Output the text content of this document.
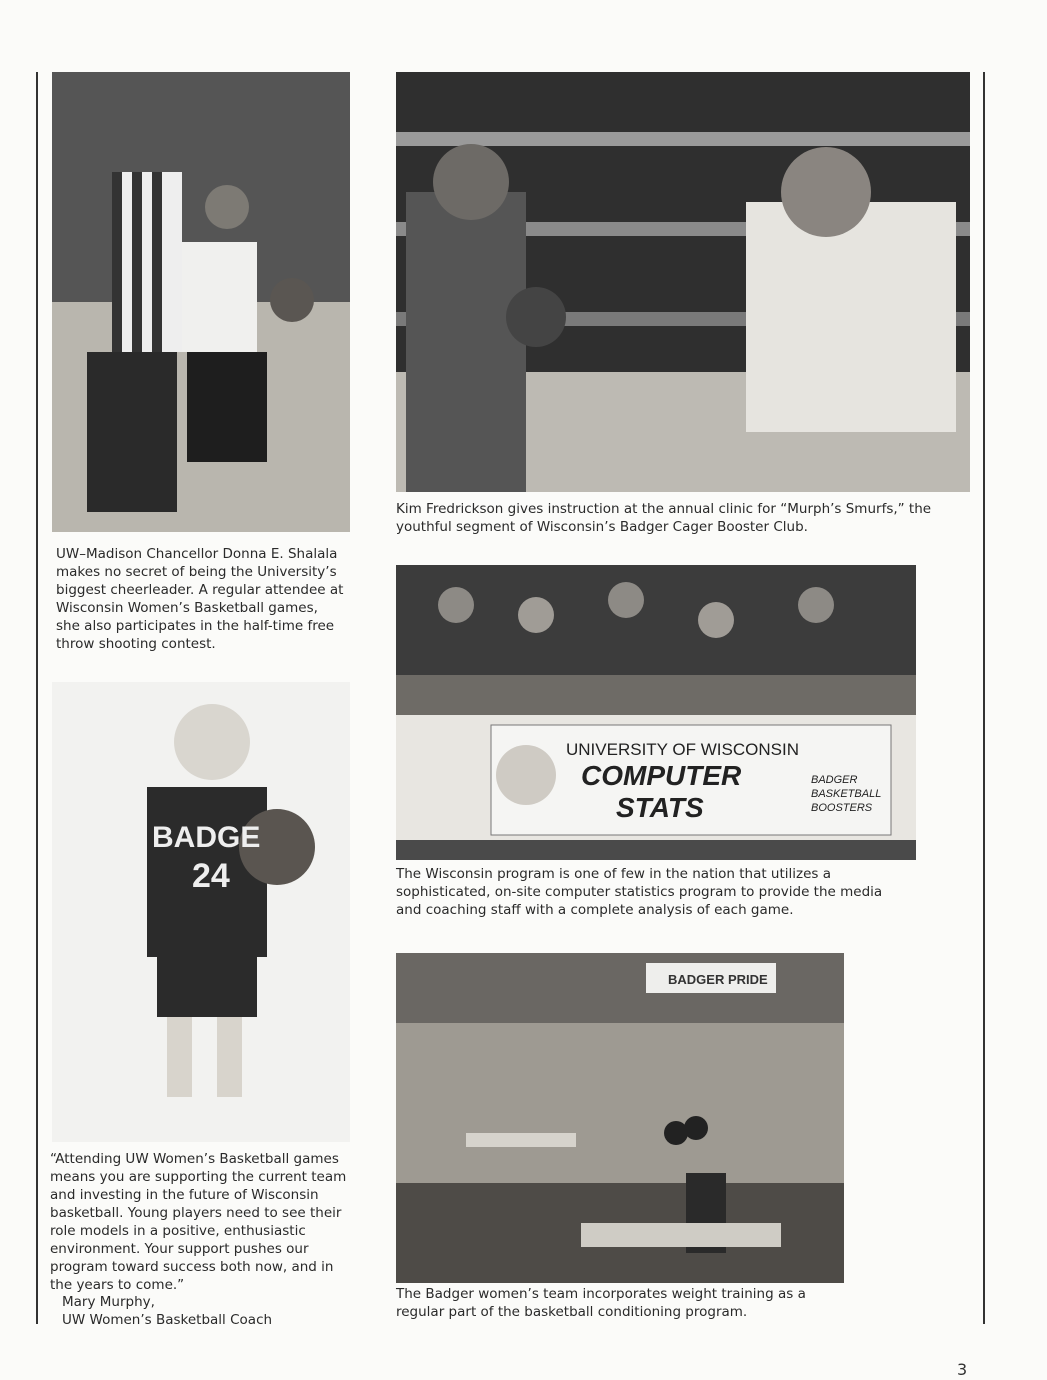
UW–Madison Chancellor Donna E. Shalala makes no secret of being the University’s biggest cheerleader. A regular attendee at Wisconsin Women’s Basketball games, she also participates in the half-time free throw shooting contest.

Kim Fredrickson gives instruction at the annual clinic for “Murph’s Smurfs,” the youthful segment of Wisconsin’s Badger Cager Booster Club.

BADGE
24

“Attending UW Women’s Basketball games means you are supporting the current team and investing in the future of Wisconsin basketball. Young players need to see their role models in a positive, enthusiastic environment. Your support pushes our program toward success both now, and in the years to come.”

Mary Murphy,

UW Women’s Basketball Coach

UNIVERSITY OF WISCONSIN
COMPUTER
STATS
BADGER
BASKETBALL
BOOSTERS

The Wisconsin program is one of few in the nation that utilizes a sophisticated, on-site computer statistics program to provide the media and coaching staff with a complete analysis of each game.

BADGER PRIDE

The Badger women’s team incorporates weight training as a regular part of the basketball conditioning program.

3
